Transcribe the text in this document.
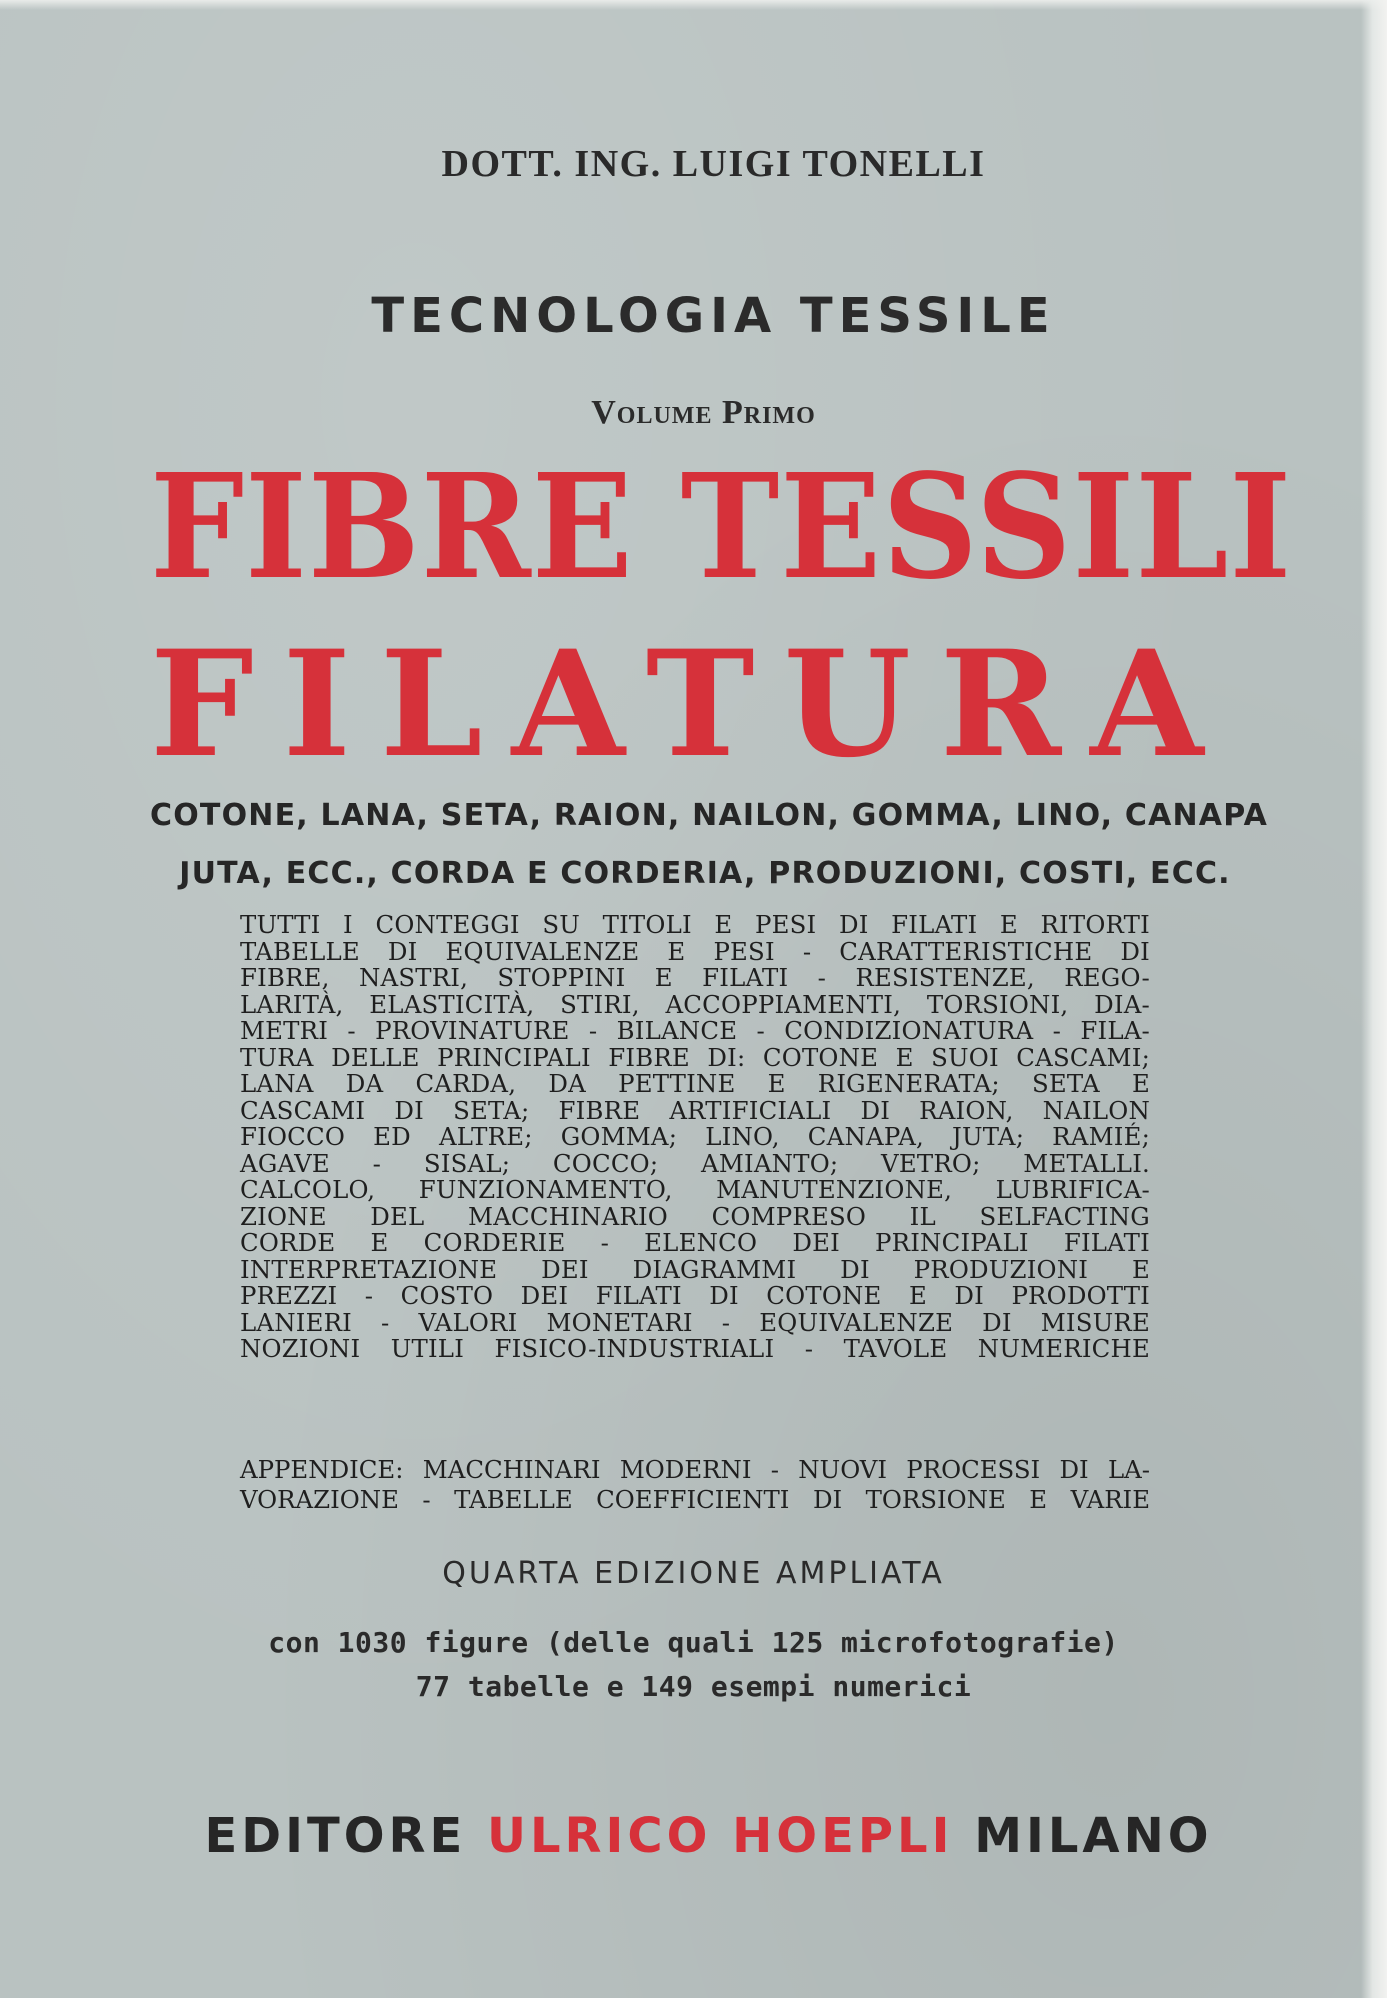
DOTT. ING. LUIGI TONELLI
TECNOLOGIA TESSILE
Volume Primo
FIBRE TESSILI
FILATURA
COTONE, LANA, SETA, RAION, NAILON, GOMMA, LINO, CANAPA
JUTA, ECC., CORDA E CORDERIA, PRODUZIONI, COSTI, ECC.
TUTTI I CONTEGGI SU TITOLI E PESI DI FILATI E RITORTI
TABELLE DI EQUIVALENZE E PESI - CARATTERISTICHE DI
FIBRE, NASTRI, STOPPINI E FILATI - RESISTENZE, REGO-
LARITÀ, ELASTICITÀ, STIRI, ACCOPPIAMENTI, TORSIONI, DIA-
METRI - PROVINATURE - BILANCE - CONDIZIONATURA - FILA-
TURA DELLE PRINCIPALI FIBRE DI: COTONE E SUOI CASCAMI;
LANA DA CARDA, DA PETTINE E RIGENERATA; SETA E
CASCAMI DI SETA; FIBRE ARTIFICIALI DI RAION, NAILON
FIOCCO ED ALTRE; GOMMA; LINO, CANAPA, JUTA; RAMIÉ;
AGAVE - SISAL; COCCO; AMIANTO; VETRO; METALLI.
CALCOLO, FUNZIONAMENTO, MANUTENZIONE, LUBRIFICA-
ZIONE DEL MACCHINARIO COMPRESO IL SELFACTING
CORDE E CORDERIE - ELENCO DEI PRINCIPALI FILATI
INTERPRETAZIONE DEI DIAGRAMMI DI PRODUZIONI E
PREZZI - COSTO DEI FILATI DI COTONE E DI PRODOTTI
LANIERI - VALORI MONETARI - EQUIVALENZE DI MISURE
NOZIONI UTILI FISICO-INDUSTRIALI - TAVOLE NUMERICHE
APPENDICE: MACCHINARI MODERNI - NUOVI PROCESSI DI LA-
VORAZIONE - TABELLE COEFFICIENTI DI TORSIONE E VARIE
QUARTA EDIZIONE AMPLIATA
con 1030 figure (delle quali 125 microfotografie)
77 tabelle e 149 esempi numerici
EDITORE ULRICO HOEPLI MILANO
